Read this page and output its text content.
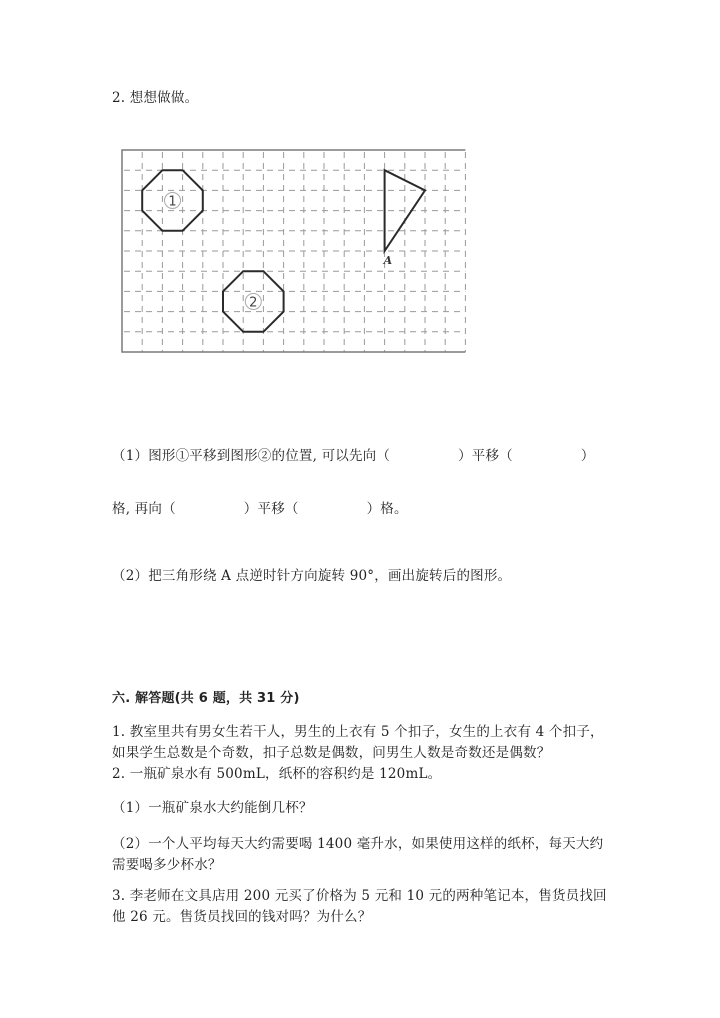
2. 想想做做。
1
2
A
（1）图形①平移到图形②的位置, 可以先向（	）平移（	）
格, 再向（	）平移（	）格。
（2）把三角形绕 A 点逆时针方向旋转 90°，画出旋转后的图形。
六. 解答题(共 6 题，共 31 分)
1. 教室里共有男女生若干人，男生的上衣有 5 个扣子，女生的上衣有 4 个扣子，如果学生总数是个奇数，扣子总数是偶数，问男生人数是奇数还是偶数？
2. 一瓶矿泉水有 500mL，纸杯的容积约是 120mL。
（1）一瓶矿泉水大约能倒几杯？
（2）一个人平均每天大约需要喝 1400 毫升水，如果使用这样的纸杯，每天大约需要喝多少杯水？
3. 李老师在文具店用 200 元买了价格为 5 元和 10 元的两种笔记本，售货员找回他 26 元。售货员找回的钱对吗？为什么？
